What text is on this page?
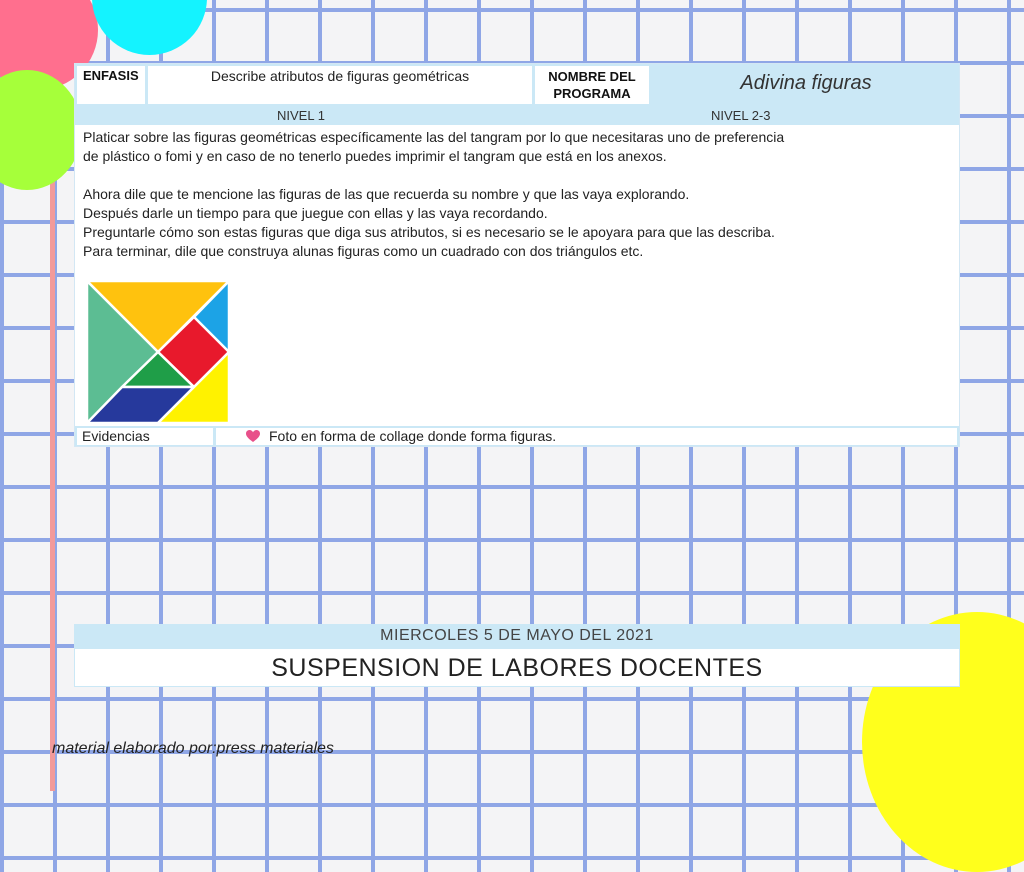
ENFASIS	Describe atributos de figuras geométricas	NOMBRE DEL
PROGRAMA	Adivina figuras
NIVEL 1	NIVEL 2-3

Platicar sobre las figuras geométricas específicamente las del tangram por lo que necesitaras uno de preferencia

de plástico o fomi y en caso de no tenerlo puedes imprimir el tangram que está en los anexos.

Ahora dile que te mencione las figuras de las que recuerda su nombre y que las vaya explorando.

Después darle un tiempo para que juegue con ellas y las vaya recordando.

Preguntarle cómo son estas figuras que diga sus atributos, si es necesario se le apoyara para que las describa.

Para terminar, dile que construya alunas figuras como un cuadrado con dos triángulos etc.

Evidencias	Foto en forma de collage donde forma figuras.
MIERCOLES 5 DE MAYO DEL 2021
SUSPENSION DE LABORES DOCENTES
material elaborado por:press materiales
